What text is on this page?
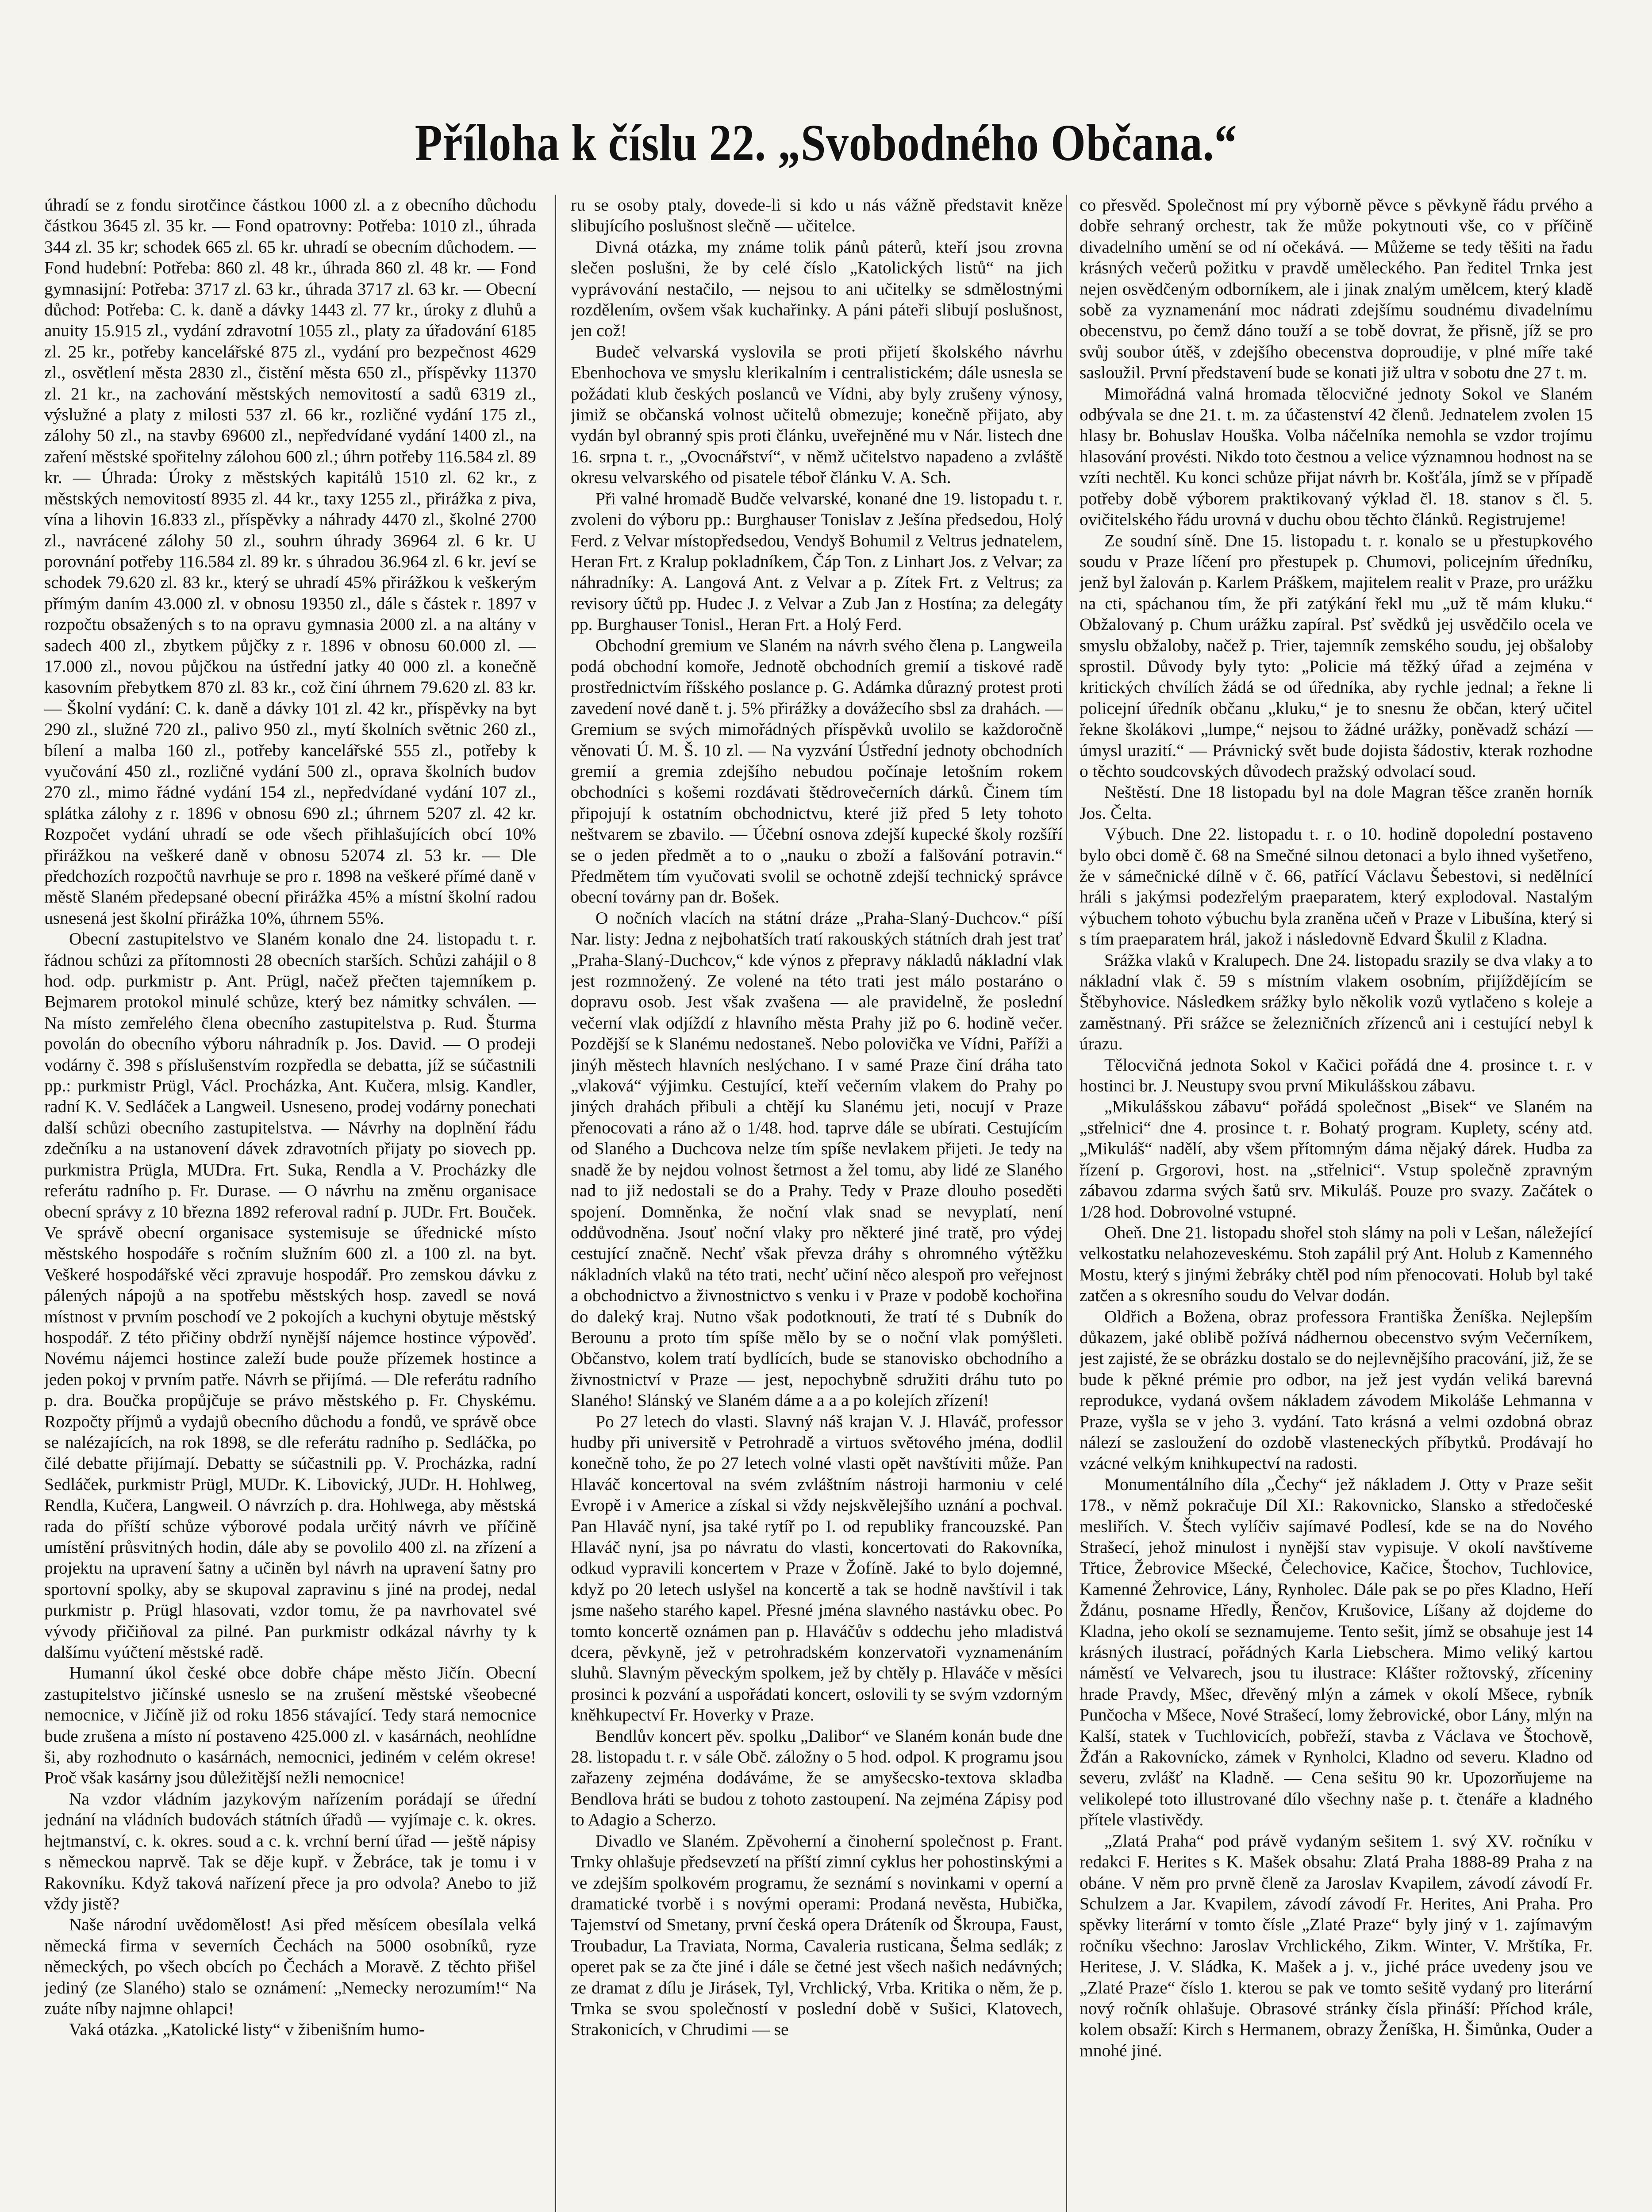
Příloha k číslu 22. „Svobodného Občana.“

úhradí se z fondu sirotčince částkou 1000 zl. a z obecního důchodu částkou 3645 zl. 35 kr. — Fond opatrovny: Potřeba: 1010 zl., úhrada 344 zl. 35 kr; schodek 665 zl. 65 kr. uhradí se obecním důchodem. — Fond hudební: Potřeba: 860 zl. 48 kr., úhrada 860 zl. 48 kr. — Fond gymnasijní: Potřeba: 3717 zl. 63 kr., úhrada 3717 zl. 63 kr. — Obecní důchod: Potřeba: C. k. daně a dávky 1443 zl. 77 kr., úroky z dluhů a anuity 15.915 zl., vydání zdravotní 1055 zl., platy za úřadování 6185 zl. 25 kr., potřeby kancelářské 875 zl., vydání pro bezpečnost 4629 zl., osvětlení města 2830 zl., čistění města 650 zl., příspěvky 11370 zl. 21 kr., na zachování městských nemovitostí a sadů 6319 zl., výslužné a platy z milosti 537 zl. 66 kr., rozličné vydání 175 zl., zálohy 50 zl., na stavby 69600 zl., nepředvídané vydání 1400 zl., na zaření městské spořitelny zálohou 600 zl.; úhrn potřeby 116.584 zl. 89 kr. — Úhrada: Úroky z městských kapitálů 1510 zl. 62 kr., z městských nemovitostí 8935 zl. 44 kr., taxy 1255 zl., přirážka z piva, vína a lihovin 16.833 zl., příspěvky a náhrady 4470 zl., školné 2700 zl., navrácené zálohy 50 zl., souhrn úhrady 36964 zl. 6 kr. U porovnání potřeby 116.584 zl. 89 kr. s úhradou 36.964 zl. 6 kr. jeví se schodek 79.620 zl. 83 kr., který se uhradí 45% přirážkou k veškerým přímým daním 43.000 zl. v obnosu 19350 zl., dále s částek r. 1897 v rozpočtu obsažených s to na opravu gymnasia 2000 zl. a na altány v sadech 400 zl., zbytkem půjčky z r. 1896 v obnosu 60.000 zl. — 17.000 zl., novou půjčkou na ústřední jatky 40 000 zl. a konečně kasovním přebytkem 870 zl. 83 kr., což činí úhrnem 79.620 zl. 83 kr. — Školní vydání: C. k. daně a dávky 101 zl. 42 kr., příspěvky na byt 290 zl., služné 720 zl., palivo 950 zl., mytí školních světnic 260 zl., bílení a malba 160 zl., potřeby kancelářské 555 zl., potřeby k vyučování 450 zl., rozličné vydání 500 zl., oprava školních budov 270 zl., mimo řádné vydání 154 zl., nepředvídané vydání 107 zl., splátka zálohy z r. 1896 v obnosu 690 zl.; úhrnem 5207 zl. 42 kr. Rozpočet vydání uhradí se ode všech přihlašujících obcí 10% přirážkou na veškeré daně v obnosu 52074 zl. 53 kr. — Dle předchozích rozpočtů navrhuje se pro r. 1898 na veškeré přímé daně v městě Slaném předepsané obecní přirážka 45% a místní školní radou usnesená jest školní přirážka 10%, úhrnem 55%.

Obecní zastupitelstvo ve Slaném konalo dne 24. listopadu t. r. řádnou schůzi za přítomnosti 28 obecních starších. Schůzi zahájil o 8 hod. odp. purkmistr p. Ant. Prügl, načež přečten tajemníkem p. Bejmarem protokol minulé schůze, který bez námitky schválen. — Na místo zemřelého člena obecního zastupitelstva p. Rud. Šturma povolán do obecního výboru náhradník p. Jos. David. — O prodeji vodárny č. 398 s příslušenstvím rozpředla se debatta, jíž se súčastnili pp.: purkmistr Prügl, Václ. Procházka, Ant. Kučera, mlsig. Kandler, radní K. V. Sedláček a Langweil. Usneseno, prodej vodárny ponechati další schůzi obecního zastupitelstva. — Návrhy na doplnění řádu zdečníku a na ustanovení dávek zdravotních přijaty po siovech pp. purkmistra Prügla, MUDra. Frt. Suka, Rendla a V. Procházky dle referátu radního p. Fr. Durase. — O návrhu na změnu organisace obecní správy z 10 března 1892 referoval radní p. JUDr. Frt. Bouček. Ve správě obecní organisace systemisuje se úřednické místo městského hospodáře s ročním služním 600 zl. a 100 zl. na byt. Veškeré hospodářské věci zpravuje hospodář. Pro zemskou dávku z pálených nápojů a na spotřebu městských hosp. zavedl se nová místnost v prvním poschodí ve 2 pokojích a kuchyni obytuje městský hospodář. Z této přičiny obdrží nynější nájemce hostince výpověď. Novému nájemci hostince zaleží bude použe přízemek hostince a jeden pokoj v prvním patře. Návrh se přijímá. — Dle referátu radního p. dra. Boučka propůjčuje se právo městského p. Fr. Chyskému. Rozpočty příjmů a vydajů obecního důchodu a fondů, ve správě obce se nalézajících, na rok 1898, se dle referátu radního p. Sedláčka, po čilé debatte přijímají. Debatty se súčastnili pp. V. Procházka, radní Sedláček, purkmistr Prügl, MUDr. K. Libovický, JUDr. H. Hohlweg, Rendla, Kučera, Langweil. O návrzích p. dra. Hohlwega, aby městská rada do příští schůze výborové podala určitý návrh ve příčině umístění průsvitných hodin, dále aby se povolilo 400 zl. na zřízení a projektu na upravení šatny a učiněn byl návrh na upravení šatny pro sportovní spolky, aby se skupoval zapravinu s jiné na prodej, nedal purkmistr p. Prügl hlasovati, vzdor tomu, že pa navrhovatel své vývody přičiňoval za pilné. Pan purkmistr odkázal návrhy ty k dalšímu vyúčtení městské radě.

Humanní úkol české obce dobře chápe město Jičín. Obecní zastupitelstvo jičínské usneslo se na zrušení městské všeobecné nemocnice, v Jičíně již od roku 1856 stávající. Tedy stará nemocnice bude zrušena a místo ní postaveno 425.000 zl. v kasárnách, neohlídne ši, aby rozhodnuto o kasárnách, nemocnici, jediném v celém okrese! Proč však kasárny jsou důležitější nežli nemocnice!

Na vzdor vládním jazykovým nařízením porádají se úřední jednání na vládních budovách státních úřadů — vyjímaje c. k. okres. hejtmanství, c. k. okres. soud a c. k. vrchní berní úřad — ještě nápisy s německou naprvě. Tak se děje kupř. v Žebráce, tak je tomu i v Rakovníku. Když taková nařízení přece ja pro odvola? Anebo to již vždy jistě?

Naše národní uvědomělost! Asi před měsícem obesílala velká německá firma v severních Čechách na 5000 osobníků, ryze německých, po všech obcích po Čechách a Moravě. Z těchto přišel jediný (ze Slaného) stalo se oznámení: „Nemecky nerozumím!“ Na zuáte níby najmne ohlapci!

Vaká otázka. „Katolické listy“ v žibenišním humo-

ru se osoby ptaly, dovede-li si kdo u nás vážně představit kněze slibujícího poslušnost slečně — učitelce.

Divná otázka, my známe tolik pánů páterů, kteří jsou zrovna slečen poslušni, že by celé číslo „Katolických listů“ na jich vyprávování nestačilo, — nejsou to ani učitelky se sdmělostnými rozdělením, ovšem však kuchařinky. A páni páteři slibují poslušnost, jen což!

Budeč velvarská vyslovila se proti přijetí školského návrhu Ebenhochova ve smyslu klerikalním i centralistickém; dále usnesla se požádati klub českých poslanců ve Vídni, aby byly zrušeny výnosy, jimiž se občanská volnost učitelů obmezuje; konečně přijato, aby vydán byl obranný spis proti článku, uveřejněné mu v Nár. listech dne 16. srpna t. r., „Ovocnářství“, v němž učitelstvo napadeno a zvláště okresu velvarského od pisatele téboř článku V. A. Sch.

Při valné hromadě Budče velvarské, konané dne 19. listopadu t. r. zvoleni do výboru pp.: Burghauser Tonislav z Ješína předsedou, Holý Ferd. z Velvar místopředsedou, Vendyš Bohumil z Veltrus jednatelem, Heran Frt. z Kralup pokladníkem, Čáp Ton. z Linhart Jos. z Velvar; za náhradníky: A. Langová Ant. z Velvar a p. Zítek Frt. z Veltrus; za revisory účtů pp. Hudec J. z Velvar a Zub Jan z Hostína; za delegáty pp. Burghauser Tonisl., Heran Frt. a Holý Ferd.

Obchodní gremium ve Slaném na návrh svého člena p. Langweila podá obchodní komoře, Jednotě obchodních gremií a tiskové radě prostřednictvím říšského poslance p. G. Adámka důrazný protest proti zavedení nové daně t. j. 5% přirážky a dovážecího sbsl za drahách. — Gremium se svých mimořádných příspěvků uvolilo se každoročně věnovati Ú. M. Š. 10 zl. — Na vyzvání Ústřední jednoty obchodních gremií a gremia zdejšího nebudou počínaje letošním rokem obchodníci s košemi rozdávati štědrovečerních dárků. Činem tím připojují k ostatním obchodnictvu, které již před 5 lety tohoto neštvarem se zbavilo. — Účební osnova zdejší kupecké školy rozšíří se o jeden předmět a to o „nauku o zboží a falšování potravin.“ Předmětem tím vyučovati svolil se ochotně zdejší technický správce obecní továrny pan dr. Bošek.

O nočních vlacích na státní dráze „Praha-Slaný-Duchcov.“ píší Nar. listy: Jedna z nejbohatších tratí rakouských státních drah jest trať „Praha-Slaný-Duchcov,“ kde výnos z přepravy nákladů nákladní vlak jest rozmnožený. Ze volené na této trati jest málo postaráno o dopravu osob. Jest však zvašena — ale pravidelně, že poslední večerní vlak odjíždí z hlavního města Prahy již po 6. hodině večer. Pozdější se k Slanému nedostaneš. Nebo polovička ve Vídni, Paříži a jinýh městech hlavních neslýchano. I v samé Praze činí dráha tato „vlaková“ výjimku. Cestující, kteří večerním vlakem do Prahy po jiných drahách přibuli a chtějí ku Slanému jeti, nocují v Praze přenocovati a ráno až o 1/48. hod. taprve dále se ubírati. Cestujícím od Slaného a Duchcova nelze tím spíše nevlakem přijeti. Je tedy na snadě že by nejdou volnost šetrnost a žel tomu, aby lidé ze Slaného nad to již nedostali se do a Prahy. Tedy v Praze dlouho poseděti spojení. Domněnka, že noční vlak snad se nevyplatí, není oddůvodněna. Jsouť noční vlaky pro některé jiné tratě, pro výdej cestující značně. Nechť však převza dráhy s ohromného výtěžku nákladních vlaků na této trati, nechť učiní něco alespoň pro veřejnost a obchodnictvo a živnostnictvo s venku i v Praze v podobě kochořina do daleký kraj. Nutno však podotknouti, že tratí té s Dubník do Berounu a proto tím spíše mělo by se o noční vlak pomýšleti. Občanstvo, kolem tratí bydlících, bude se stanovisko obchodního a živnostnictví v Praze — jest, nepochybně sdružiti dráhu tuto po Slaného! Slánský ve Slaném dáme a a a po kolejích zřízení!

Po 27 letech do vlasti. Slavný náš krajan V. J. Hlaváč, professor hudby při universitě v Petrohradě a virtuos světového jména, dodlil konečně toho, že po 27 letech volné vlasti opět navštíviti může. Pan Hlaváč koncertoval na svém zvláštním nástroji harmoniu v celé Evropě i v Americe a získal si vždy nejskvělejšího uznání a pochval. Pan Hlaváč nyní, jsa také rytíř po I. od republiky francouzské. Pan Hlaváč nyní, jsa po návratu do vlasti, koncertovati do Rakovníka, odkud vypravili koncertem v Praze v Žofíně. Jaké to bylo dojemné, když po 20 letech uslyšel na koncertě a tak se hodně navštívil i tak jsme našeho starého kapel. Přesné jména slavného nastávku obec. Po tomto koncertě oznámen pan p. Hlaváčův s oddechu jeho mladistvá dcera, pěvkyně, jež v petrohradském konzervatoři vyznamenáním sluhů. Slavným pěveckým spolkem, jež by chtěly p. Hlaváče v měsíci prosinci k pozvání a uspořádati koncert, oslovili ty se svým vzdorným kněhkupectví Fr. Hoverky v Praze.

Bendlův koncert pěv. spolku „Dalibor“ ve Slaném konán bude dne 28. listopadu t. r. v sále Obč. záložny o 5 hod. odpol. K programu jsou zařazeny zejména dodáváme, že se amyšecsko-textova skladba Bendlova hráti se budou z tohoto zastoupení. Na zejména Zápisy pod to Adagio a Scherzo.

Divadlo ve Slaném. Zpěvoherní a činoherní společnost p. Frant. Trnky ohlašuje předsevzetí na příští zimní cyklus her pohostinskými a ve zdejším spolkovém programu, že seznámí s novinkami v operní a dramatické tvorbě i s novými operami: Prodaná nevěsta, Hubička, Tajemství od Smetany, první česká opera Dráteník od Škroupa, Faust, Troubadur, La Traviata, Norma, Cavaleria rusticana, Šelma sedlák; z operet pak se za čte jiné i dále se četné jest všech našich nedávných; ze dramat z dílu je Jirásek, Tyl, Vrchlický, Vrba. Kritika o něm, že p. Trnka se svou společností v poslední době v Sušici, Klatovech, Strakonicích, v Chrudimi — se

co přesvěd. Společnost mí pry výborně pěvce s pěvkyně řádu prvého a dobře sehraný orchestr, tak že může pokytnouti vše, co v příčině divadelního umění se od ní očekává. — Můžeme se tedy těšiti na řadu krásných večerů požitku v pravdě uměleckého. Pan ředitel Trnka jest nejen osvědčeným odborníkem, ale i jinak znalým umělcem, který kladě sobě za vyznamenání moc nádrati zdejšímu soudnému divadelnímu obecenstvu, po čemž dáno touží a se tobě dovrat, že přisně, jíž se pro svůj soubor útěš, v zdejšího obecenstva doproudije, v plné míře také sasloužil. První představení bude se konati již ultra v sobotu dne 27 t. m.

Mimořádná valná hromada tělocvičné jednoty Sokol ve Slaném odbývala se dne 21. t. m. za účastenství 42 členů. Jednatelem zvolen 15 hlasy br. Bohuslav Houška. Volba náčelníka nemohla se vzdor trojímu hlasování provésti. Nikdo toto čestnou a velice významnou hodnost na se vzíti nechtěl. Ku konci schůze přijat návrh br. Košťála, jímž se v případě potřeby době výborem praktikovaný výklad čl. 18. stanov s čl. 5. ovičitelského řádu urovná v duchu obou těchto článků. Registrujeme!

Ze soudní síně. Dne 15. listopadu t. r. konalo se u přestupkového soudu v Praze líčení pro přestupek p. Chumovi, policejním úředníku, jenž byl žalován p. Karlem Práškem, majitelem realit v Praze, pro urážku na cti, spáchanou tím, že při zatýkání řekl mu „už tě mám kluku.“ Obžalovaný p. Chum urážku zapíral. Psť svědků jej usvědčilo ocela ve smyslu obžaloby, načež p. Trier, tajemník zemského soudu, jej obšaloby sprostil. Důvody byly tyto: „Policie má těžký úřad a zejména v kritických chvílích žádá se od úředníka, aby rychle jednal; a řekne li policejní úředník občanu „kluku,“ je to snesnu že občan, který učitel řekne školákovi „lumpe,“ nejsou to žádné urážky, poněvadž schází — úmysl urazití.“ — Právnický svět bude dojista šádostiv, kterak rozhodne o těchto soudcovských důvodech pražský odvolací soud.

Neštěstí. Dne 18 listopadu byl na dole Magran těšce zraněn horník Jos. Čelta.

Výbuch. Dne 22. listopadu t. r. o 10. hodině dopolední postaveno bylo obci domě č. 68 na Smečné silnou detonaci a bylo ihned vyšetřeno, že v sámečnické dílně v č. 66, patřící Václavu Šebestovi, si nedělnící hráli s jakýmsi podezřelým praeparatem, který explodoval. Nastalým výbuchem tohoto výbuchu byla zraněna učeň v Praze v Libušína, který si s tím praeparatem hrál, jakož i následovně Edvard Škulil z Kladna.

Srážka vlaků v Kralupech. Dne 24. listopadu srazily se dva vlaky a to nákladní vlak č. 59 s místním vlakem osobním, přijíždějícím se Štěbyhovice. Následkem srážky bylo několik vozů vytlačeno s koleje a zaměstnaný. Při srážce se železničních zřízenců ani i cestující nebyl k úrazu.

Tělocvičná jednota Sokol v Kačici pořádá dne 4. prosince t. r. v hostinci br. J. Neustupy svou první Mikulášskou zábavu.

„Mikulášskou zábavu“ pořádá společnost „Bisek“ ve Slaném na „střelnici“ dne 4. prosince t. r. Bohatý program. Kuplety, scény atd. „Mikuláš“ nadělí, aby všem přítomným dáma nějaký dárek. Hudba za řízení p. Grgorovi, host. na „střelnici“. Vstup společně zpravným zábavou zdarma svých šatů srv. Mikuláš. Pouze pro svazy. Začátek o 1/28 hod. Dobrovolné vstupné.

Oheň. Dne 21. listopadu shořel stoh slámy na poli v Lešan, náležející velkostatku nelahozeveskému. Stoh zapálil prý Ant. Holub z Kamenného Mostu, který s jinými žebráky chtěl pod ním přenocovati. Holub byl také zatčen a s okresního soudu do Velvar dodán.

Oldřich a Božena, obraz professora Františka Ženíška. Nejlepším důkazem, jaké oblibě požívá nádhernou obecenstvo svým Večerníkem, jest zajisté, že se obrázku dostalo se do nejlevnějšího pracování, již, že se bude k pěkné prémie pro odbor, na jež jest vydán veliká barevná reprodukce, vydaná ovšem nákladem závodem Mikoláše Lehmanna v Praze, vyšla se v jeho 3. vydání. Tato krásná a velmi ozdobná obraz nálezí se zasloužení do ozdobě vlasteneckých příbytků. Prodávají ho vzácné velkým knihkupectví na radosti.

Monumentálního díla „Čechy“ jež nákladem J. Otty v Praze sešit 178., v němž pokračuje Díl XI.: Rakovnicko, Slansko a středočeské mesliřích. V. Štech vylíčiv sajímavé Podlesí, kde se na do Nového Strašecí, jehož minulost i nynější stav vypisuje. V okolí navštíveme Třtice, Žebrovice Mšecké, Čelechovice, Kačice, Štochov, Tuchlovice, Kamenné Žehrovice, Lány, Rynholec. Dále pak se po přes Kladno, Heří Ždánu, posname Hředly, Řenčov, Krušovice, Líšany až dojdeme do Kladna, jeho okolí se seznamujeme. Tento sešit, jímž se obsahuje jest 14 krásných ilustrací, pořádných Karla Liebschera. Mimo veliký kartou náměstí ve Velvarech, jsou tu ilustrace: Klášter rožtovský, zříceniny hrade Pravdy, Mšec, dřevěný mlýn a zámek v okolí Mšece, rybník Punčocha v Mšece, Nové Strašecí, lomy žebrovické, obor Lány, mlýn na Kalší, statek v Tuchlovicích, pobřeží, stavba z Václava ve Štochově, Žďán a Rakovnícko, zámek v Rynholci, Kladno od severu. Kladno od severu, zvlášť na Kladně. — Cena sešitu 90 kr. Upozorňujeme na velikolepé toto illustrované dílo všechny naše p. t. čtenáře a kladného přítele vlastivědy.

„Zlatá Praha“ pod právě vydaným sešitem 1. svý XV. ročníku v redakci F. Herites s K. Mašek obsahu: Zlatá Praha 1888-89 Praha z na obáne. V něm pro prvně členě za Jaroslav Kvapilem, závodí závodí Fr. Schulzem a Jar. Kvapilem, závodí závodí Fr. Herites, Ani Praha. Pro spěvky literární v tomto čísle „Zlaté Praze“ byly jiný v 1. zajímavým ročníku všechno: Jaroslav Vrchlického, Zikm. Winter, V. Mrštíka, Fr. Heritese, J. V. Sládka, K. Mašek a j. v., jiché práce uvedeny jsou ve „Zlaté Praze“ číslo 1. kterou se pak ve tomto sešitě vydaný pro literární nový ročník ohlašuje. Obrasové stránky čísla přináší: Příchod krále, kolem obsaží: Kirch s Hermanem, obrazy Ženíška, H. Šimůnka, Ouder a mnohé jiné.
